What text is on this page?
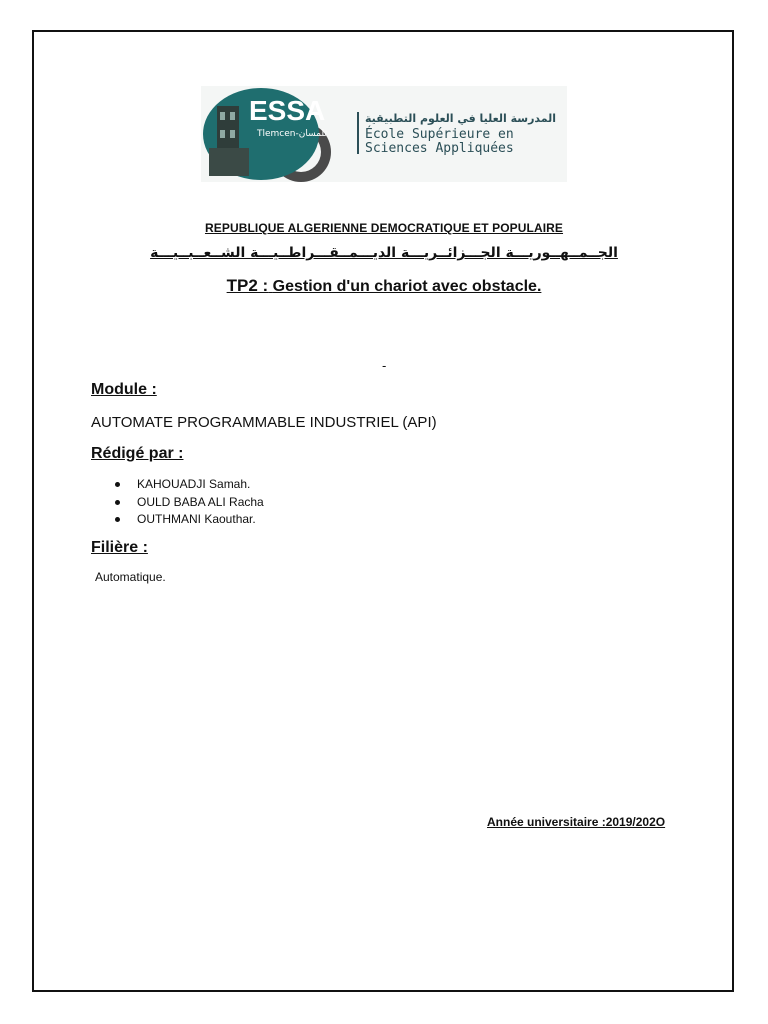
ESSA
Tlemcen-تلمسان
المدرسة العليا في العلوم التطبيقية
École Supérieure en
Sciences Appliquées
REPUBLIQUE ALGERIENNE DEMOCRATIQUE ET POPULAIRE
الجــمــهــوريـــة الجـــزائــريـــة الديـــمــقـــراطــيـــة الشــعــبــيـــة
TP2 : Gestion d'un chariot avec obstacle.
-
Module :
AUTOMATE PROGRAMMABLE INDUSTRIEL (API)
Rédigé par :
KAHOUADJI Samah.
OULD BABA ALI Racha
OUTHMANI Kaouthar.
Filière :
Automatique.
Année universitaire :2019/202O
